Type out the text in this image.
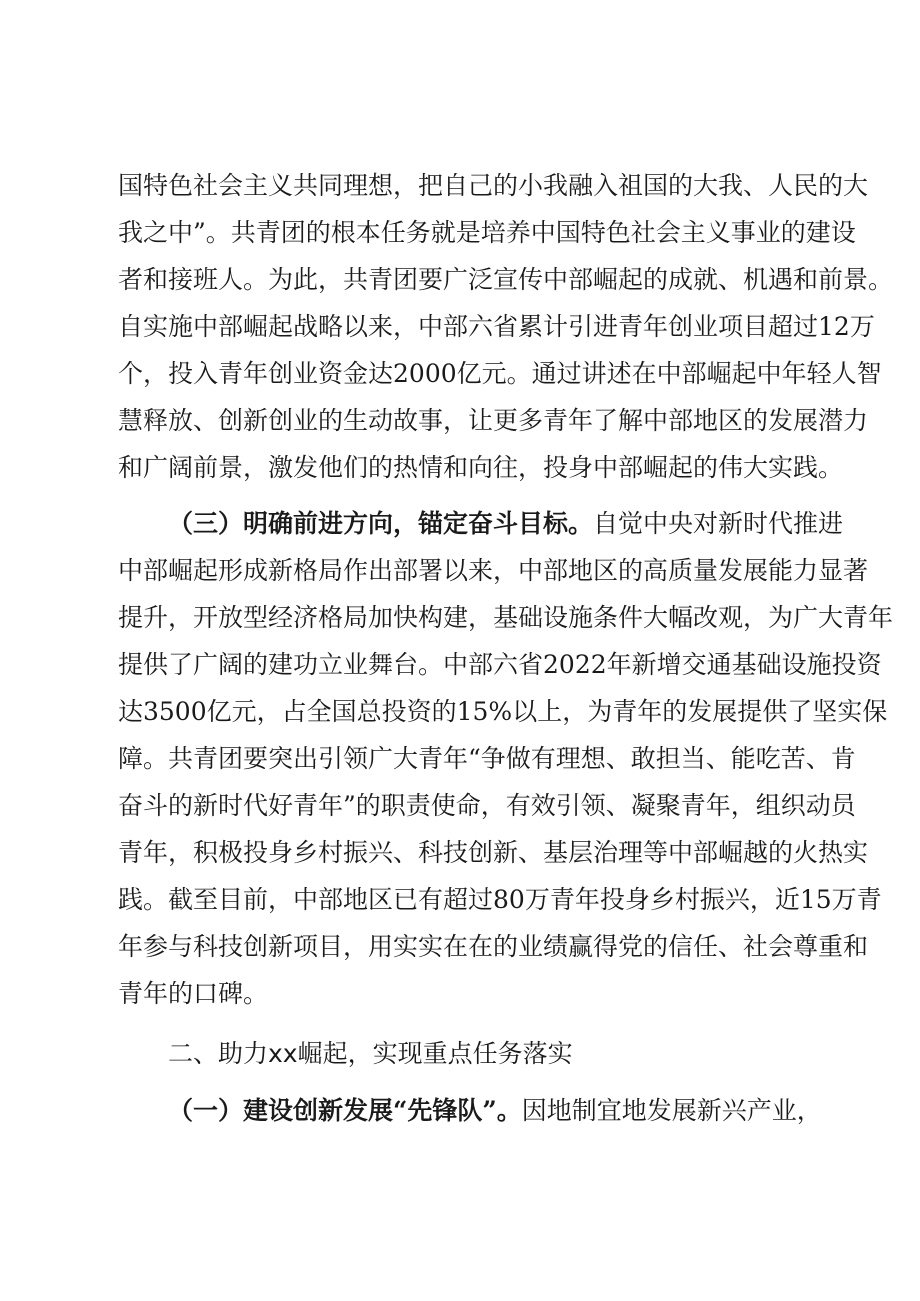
国特色社会主义共同理想，把自己的小我融入祖国的大我、人民的大
我之中”。共青团的根本任务就是培养中国特色社会主义事业的建设
者和接班人。为此，共青团要广泛宣传中部崛起的成就、机遇和前景。
自实施中部崛起战略以来，中部六省累计引进青年创业项目超过12万
个，投入青年创业资金达2000亿元。通过讲述在中部崛起中年轻人智
慧释放、创新创业的生动故事，让更多青年了解中部地区的发展潜力
和广阔前景，激发他们的热情和向往，投身中部崛起的伟大实践。
（三）明确前进方向，锚定奋斗目标。自觉中央对新时代推进
中部崛起形成新格局作出部署以来，中部地区的高质量发展能力显著
提升，开放型经济格局加快构建，基础设施条件大幅改观，为广大青年
提供了广阔的建功立业舞台。中部六省2022年新增交通基础设施投资
达3500亿元，占全国总投资的15%以上，为青年的发展提供了坚实保
障。共青团要突出引领广大青年“争做有理想、敢担当、能吃苦、肯
奋斗的新时代好青年”的职责使命，有效引领、凝聚青年，组织动员
青年，积极投身乡村振兴、科技创新、基层治理等中部崛越的火热实
践。截至目前，中部地区已有超过80万青年投身乡村振兴，近15万青
年参与科技创新项目，用实实在在的业绩赢得党的信任、社会尊重和
青年的口碑。
二、助力xx崛起，实现重点任务落实
（一）建设创新发展“先锋队”。因地制宜地发展新兴产业，
